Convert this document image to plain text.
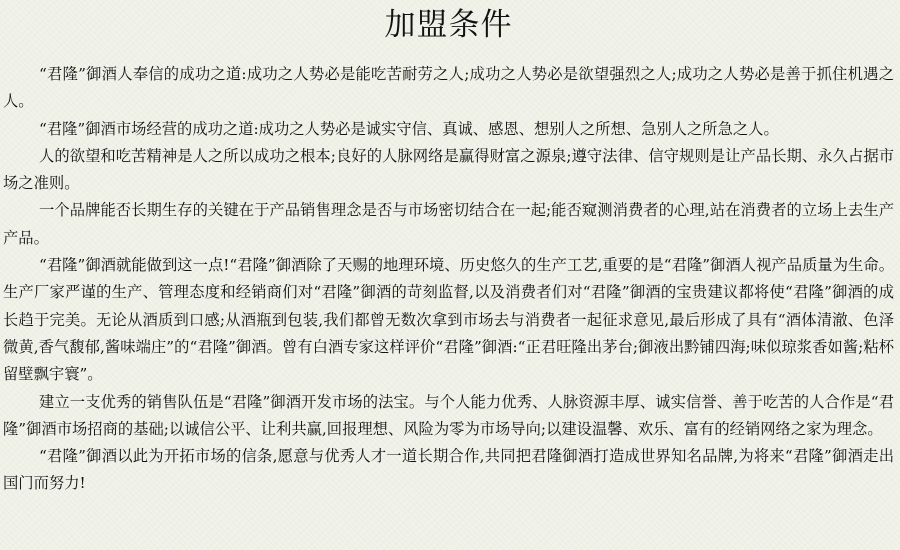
加盟条件

“君隆”御酒人奉信的成功之道:成功之人势必是能吃苦耐劳之人;成功之人势必是欲望强烈之人;成功之人势必是善于抓住机遇之人。

“君隆”御酒市场经营的成功之道:成功之人势必是诚实守信、真诚、感恩、想别人之所想、急别人之所急之人。

人的欲望和吃苦精神是人之所以成功之根本;良好的人脉网络是赢得财富之源泉;遵守法律、信守规则是让产品长期、永久占据市场之准则。

一个品牌能否长期生存的关键在于产品销售理念是否与市场密切结合在一起;能否窥测消费者的心理,站在消费者的立场上去生产产品。

“君隆”御酒就能做到这一点!“君隆”御酒除了天赐的地理环境、历史悠久的生产工艺,重要的是“君隆”御酒人视产品质量为生命。生产厂家严谨的生产、管理态度和经销商们对“君隆”御酒的苛刻监督,以及消费者们对“君隆”御酒的宝贵建议都将使“君隆”御酒的成长趋于完美。无论从酒质到口感;从酒瓶到包装,我们都曾无数次拿到市场去与消费者一起征求意见,最后形成了具有“酒体清澈、色泽微黄,香气馥郁,酱味端庄”的“君隆”御酒。曾有白酒专家这样评价“君隆”御酒:“正君旺隆出茅台;御液出黔铺四海;味似琼浆香如酱;粘杯留壁飘宇寰”。

建立一支优秀的销售队伍是“君隆”御酒开发市场的法宝。与个人能力优秀、人脉资源丰厚、诚实信誉、善于吃苦的人合作是“君隆”御酒市场招商的基础;以诚信公平、让利共赢,回报理想、风险为零为市场导向;以建设温馨、欢乐、富有的经销网络之家为理念。

“君隆”御酒以此为开拓市场的信条,愿意与优秀人才一道长期合作,共同把君隆御酒打造成世界知名品牌,为将来“君隆”御酒走出国门而努力!
